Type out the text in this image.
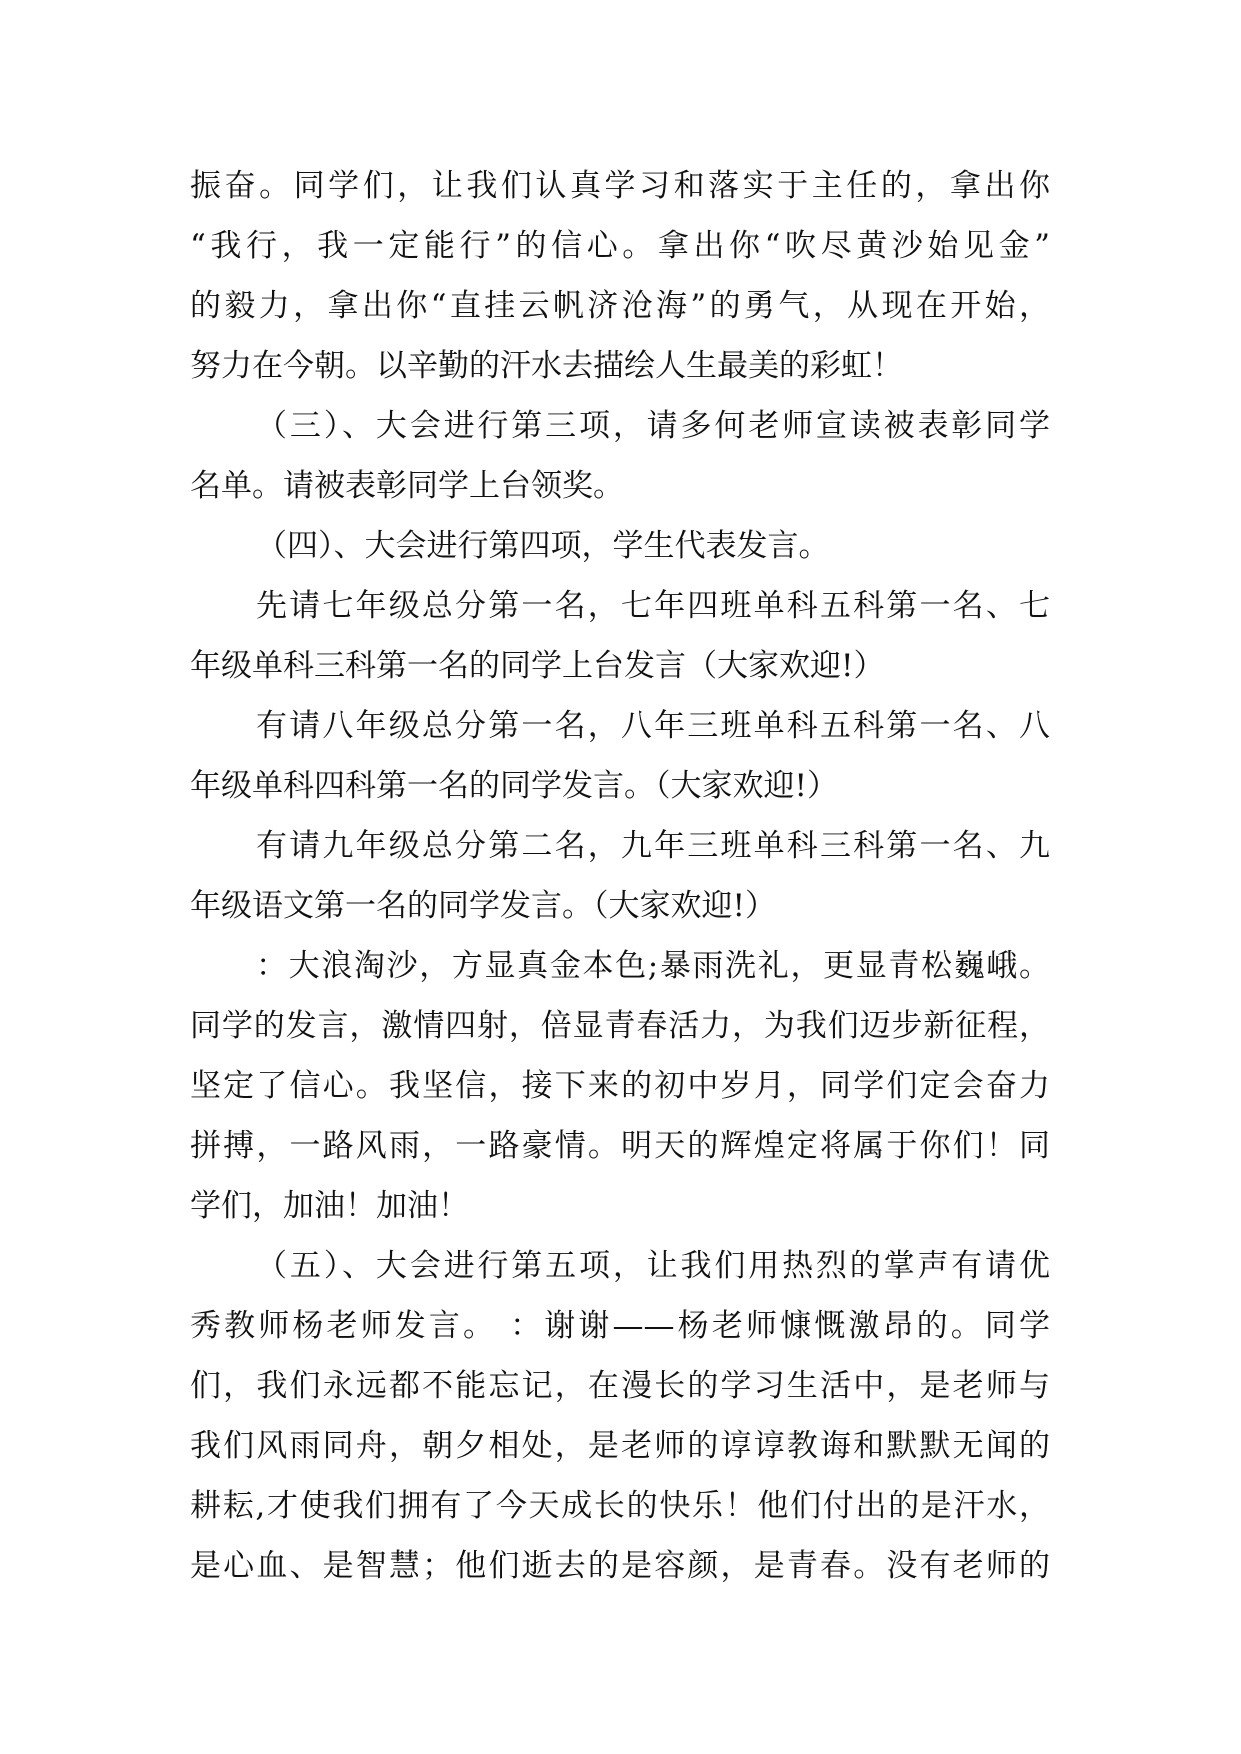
振奋。同学们，让我们认真学习和落实于主任的，拿出你
“我行，我一定能行”的信心。拿出你“吹尽黄沙始见金”
的毅力，拿出你“直挂云帆济沧海”的勇气，从现在开始，
努力在今朝。以辛勤的汗水去描绘人生最美的彩虹！
（三）、大会进行第三项，请多何老师宣读被表彰同学
名单。请被表彰同学上台领奖。
（四）、大会进行第四项，学生代表发言。
先请七年级总分第一名，七年四班单科五科第一名、七
年级单科三科第一名的同学上台发言（大家欢迎!）
有请八年级总分第一名，八年三班单科五科第一名、八
年级单科四科第一名的同学发言。（大家欢迎!）
有请九年级总分第二名，九年三班单科三科第一名、九
年级语文第一名的同学发言。（大家欢迎!）
：大浪淘沙，方显真金本色;暴雨洗礼，更显青松巍峨。
同学的发言，激情四射，倍显青春活力，为我们迈步新征程，
坚定了信心。我坚信，接下来的初中岁月，同学们定会奋力
拼搏，一路风雨，一路豪情。明天的辉煌定将属于你们！同
学们，加油！加油！
（五）、大会进行第五项，让我们用热烈的掌声有请优
秀教师杨老师发言。 ：谢谢——杨老师慷慨激昂的。同学
们，我们永远都不能忘记，在漫长的学习生活中，是老师与
我们风雨同舟，朝夕相处，是老师的谆谆教诲和默默无闻的
耕耘,才使我们拥有了今天成长的快乐！他们付出的是汗水，
是心血、是智慧；他们逝去的是容颜，是青春。没有老师的
